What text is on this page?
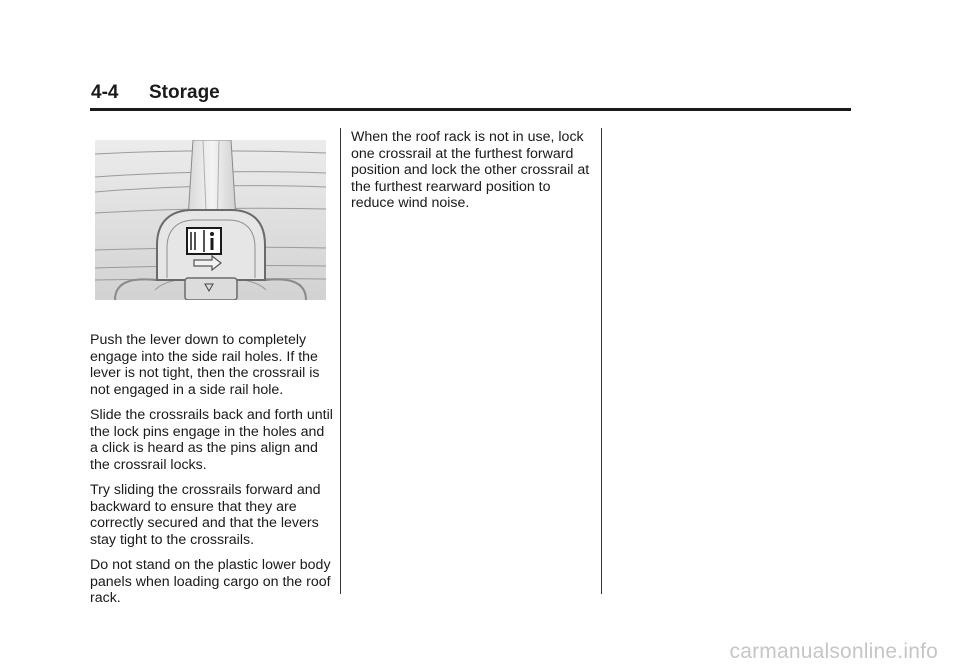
4-4 Storage

Push the lever down to completely engage into the side rail holes. If the lever is not tight, then the crossrail is not engaged in a side rail hole.

Slide the crossrails back and forth until the lock pins engage in the holes and a click is heard as the pins align and the crossrail locks.

Try sliding the crossrails forward and backward to ensure that they are correctly secured and that the levers stay tight to the crossrails.

Do not stand on the plastic lower body panels when loading cargo on the roof rack.

When the roof rack is not in use, lock one crossrail at the furthest forward position and lock the other crossrail at the furthest rearward position to reduce wind noise.

carmanualsonline.info
